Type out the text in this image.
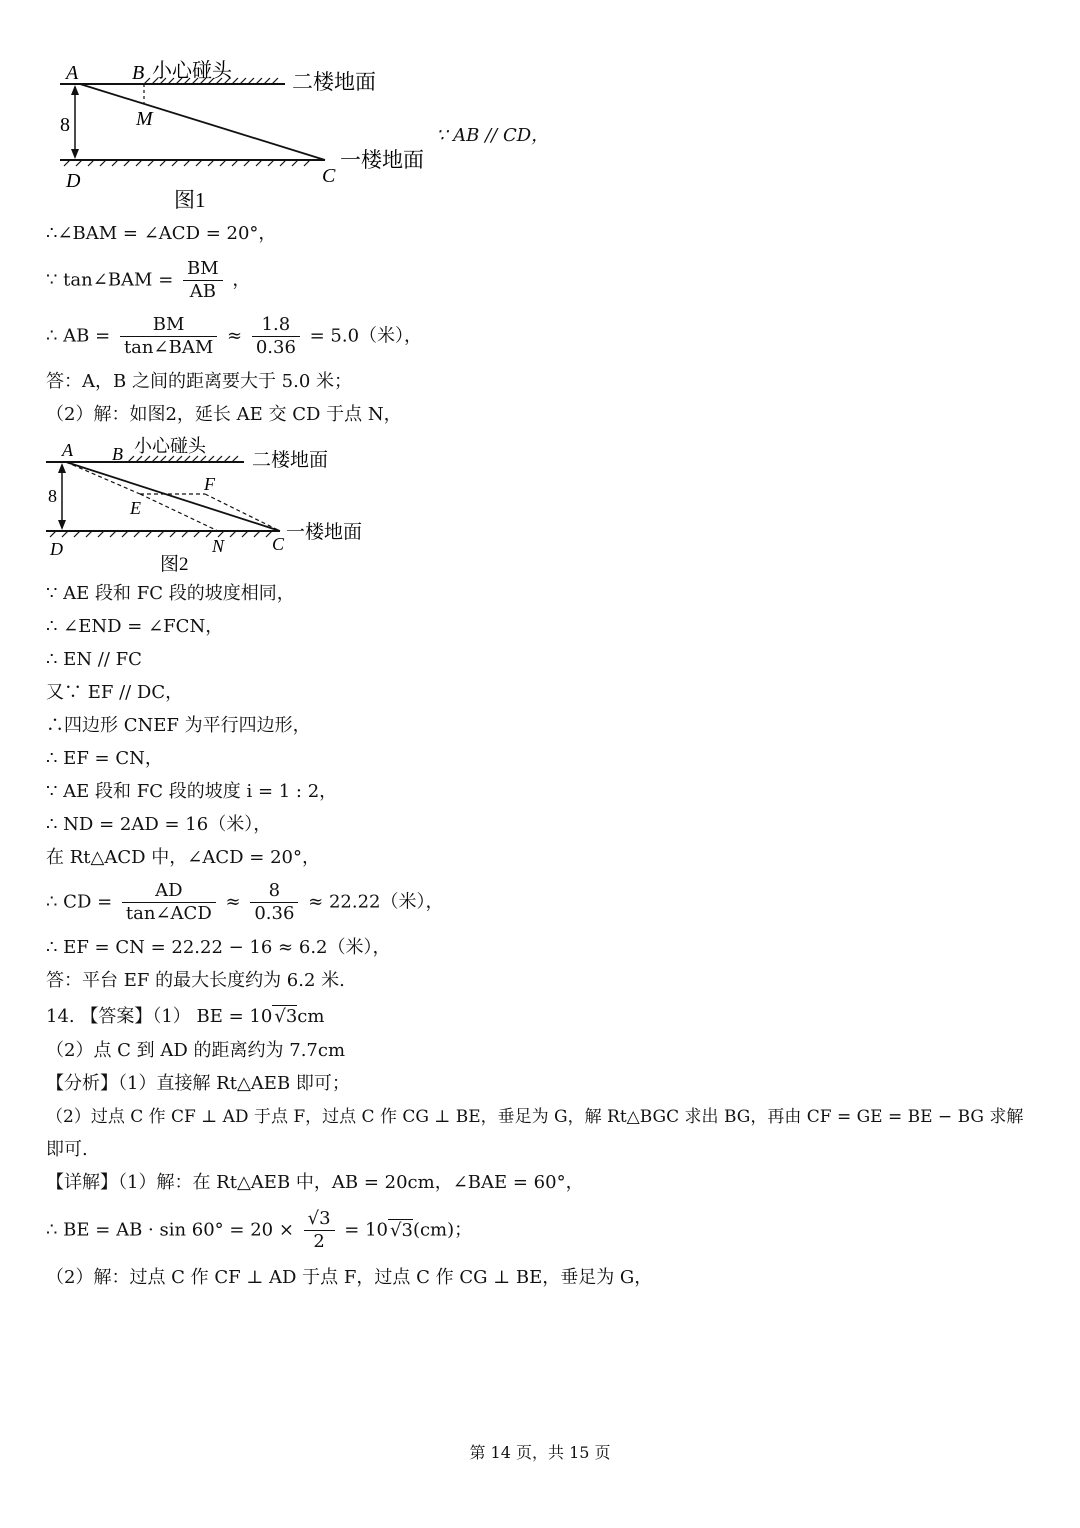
A	B
M
8
D	C
小心碰头	二楼地面
一楼地面
图1
∵ AB // CD，
∴∠BAM = ∠ACD = 20°，
∵ tan∠BAM = $\frac{BM}{AB}$ ，
∴ AB = $\frac{BM}{\text{tan∠BAM}} \approx \frac{1.8}{0.36} = 5.0$（米），
答：A，B 之间的距离要大于 5.0 米；
（2）解：如图2，延长 AE 交 CD 于点 N，
A B
E
F
N	C
D
8
小心碰头
二楼地面
一楼地面
图2
∵ AE 段和 FC 段的坡度相同，
∴ ∠END = ∠FCN，
∴ EN // FC
又∵ EF // DC，
∴四边形 CNEF 为平行四边形，
∴ EF = CN，
∵ AE 段和 FC 段的坡度 i = 1 : 2，
∴ ND = 2AD = 16（米），
在 Rt△ACD 中，∠ACD = 20°，
∴ CD = $\frac{AD}{\text{tan∠ACD}} \approx \frac{8}{0.36} \approx 22.22$（米），
∴ EF = CN = 22.22 − 16 ≈ 6.2（米），
答：平台 EF 的最大长度约为 6.2 米.
14. 【答案】（1） BE = 10 √3cm
（2）点 C 到 AD 的距离约为 7.7cm
【分析】（1）直接解 Rt△AEB 即可；
（2）过点 C 作 CF ⊥ AD 于点 F，过点 C 作 CG ⊥ BE，垂足为 G，解 Rt△BGC 求出 BG，再由 CF = GE = BE − BG 求解
即可.
【详解】（1）解：在 Rt△AEB 中，AB = 20cm，∠BAE = 60°，
∴ BE = AB · $\sin 60^\circ = 20 \times \frac{√3}{2} = 10$ √3(cm)；
（2）解：过点 C 作 CF ⊥ AD 于点 F，过点 C 作 CG ⊥ BE，垂足为 G，
第 14 页，共 15 页
